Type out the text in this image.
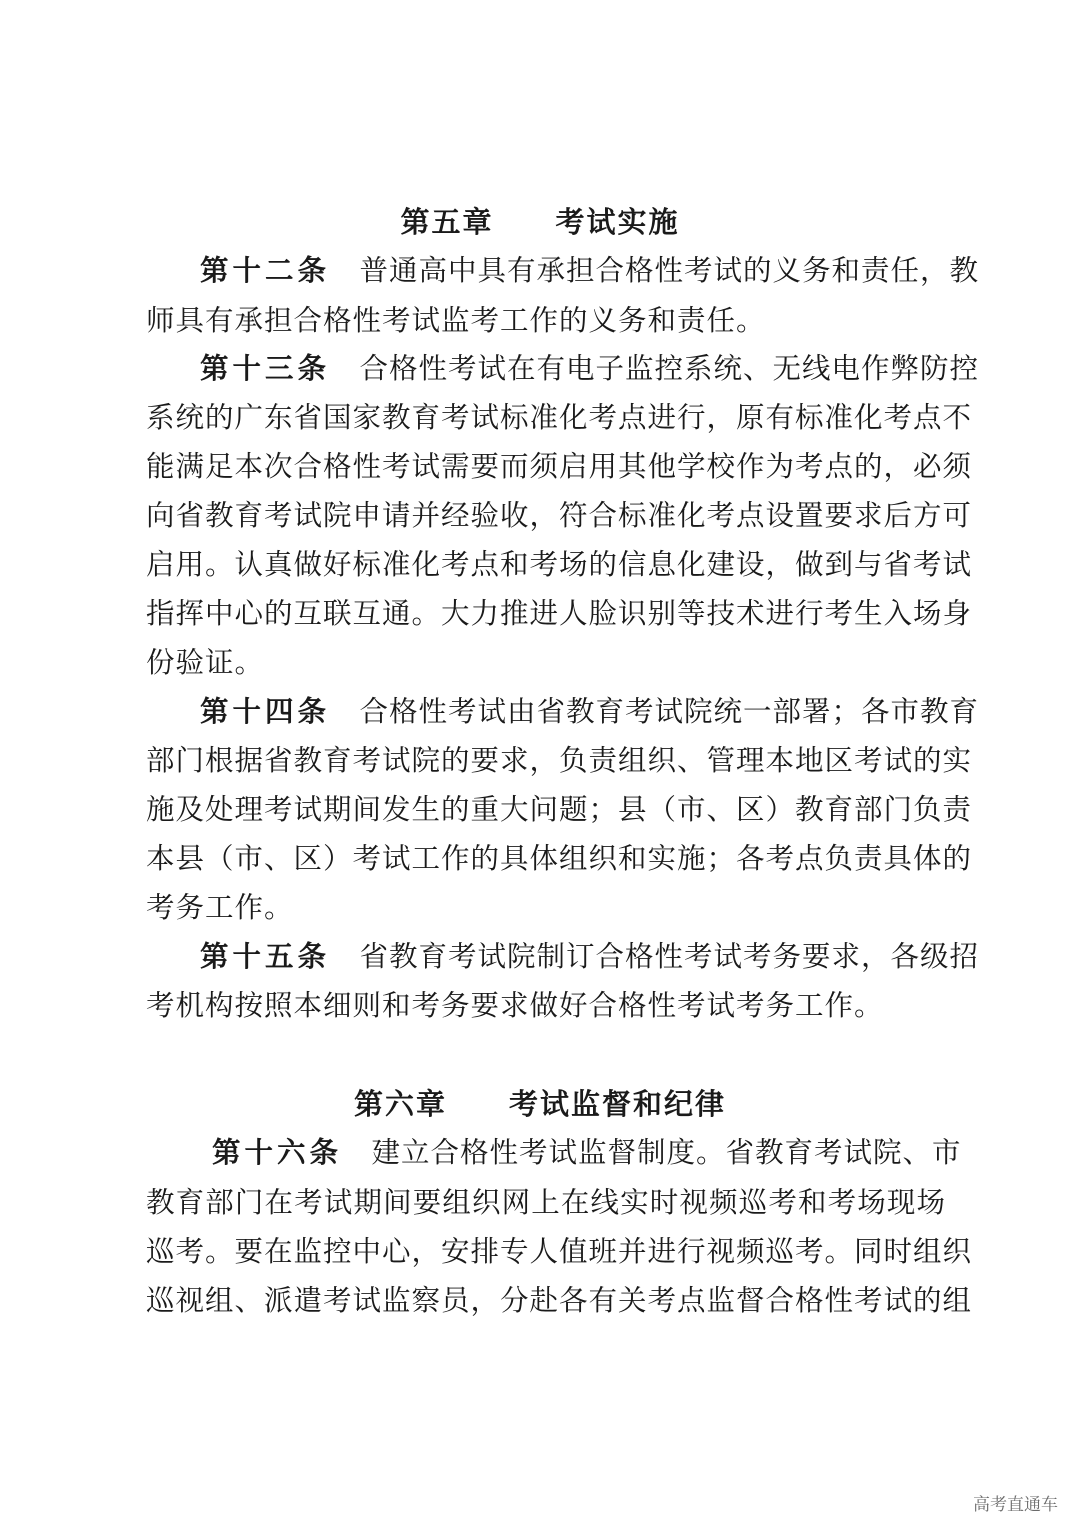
第五章　　考试实施
第十二条　 普通高中具有承担合格性考试的义务和责任，教
师具有承担合格性考试监考工作的义务和责任。
第十三条　 合格性考试在有电子监控系统、无线电作弊防控
系统的广东省国家教育考试标准化考点进行，原有标准化考点不
能满足本次合格性考试需要而须启用其他学校作为考点的，必须
向省教育考试院申请并经验收，符合标准化考点设置要求后方可
启用。认真做好标准化考点和考场的信息化建设，做到与省考试
指挥中心的互联互通。大力推进人脸识别等技术进行考生入场身
份验证。
第十四条　 合格性考试由省教育考试院统一部署；各市教育
部门根据省教育考试院的要求，负责组织、管理本地区考试的实
施及处理考试期间发生的重大问题；县（市、区）教育部门负责
本县（市、区）考试工作的具体组织和实施；各考点负责具体的
考务工作。
第十五条　 省教育考试院制订合格性考试考务要求，各级招
考机构按照本细则和考务要求做好合格性考试考务工作。
第六章　　考试监督和纪律
第十六条　 建立合格性考试监督制度。省教育考试院、市
教育部门在考试期间要组织网上在线实时视频巡考和考场现场
巡考。要在监控中心，安排专人值班并进行视频巡考。同时组织
巡视组、派遣考试监察员，分赴各有关考点监督合格性考试的组
高考直通车
